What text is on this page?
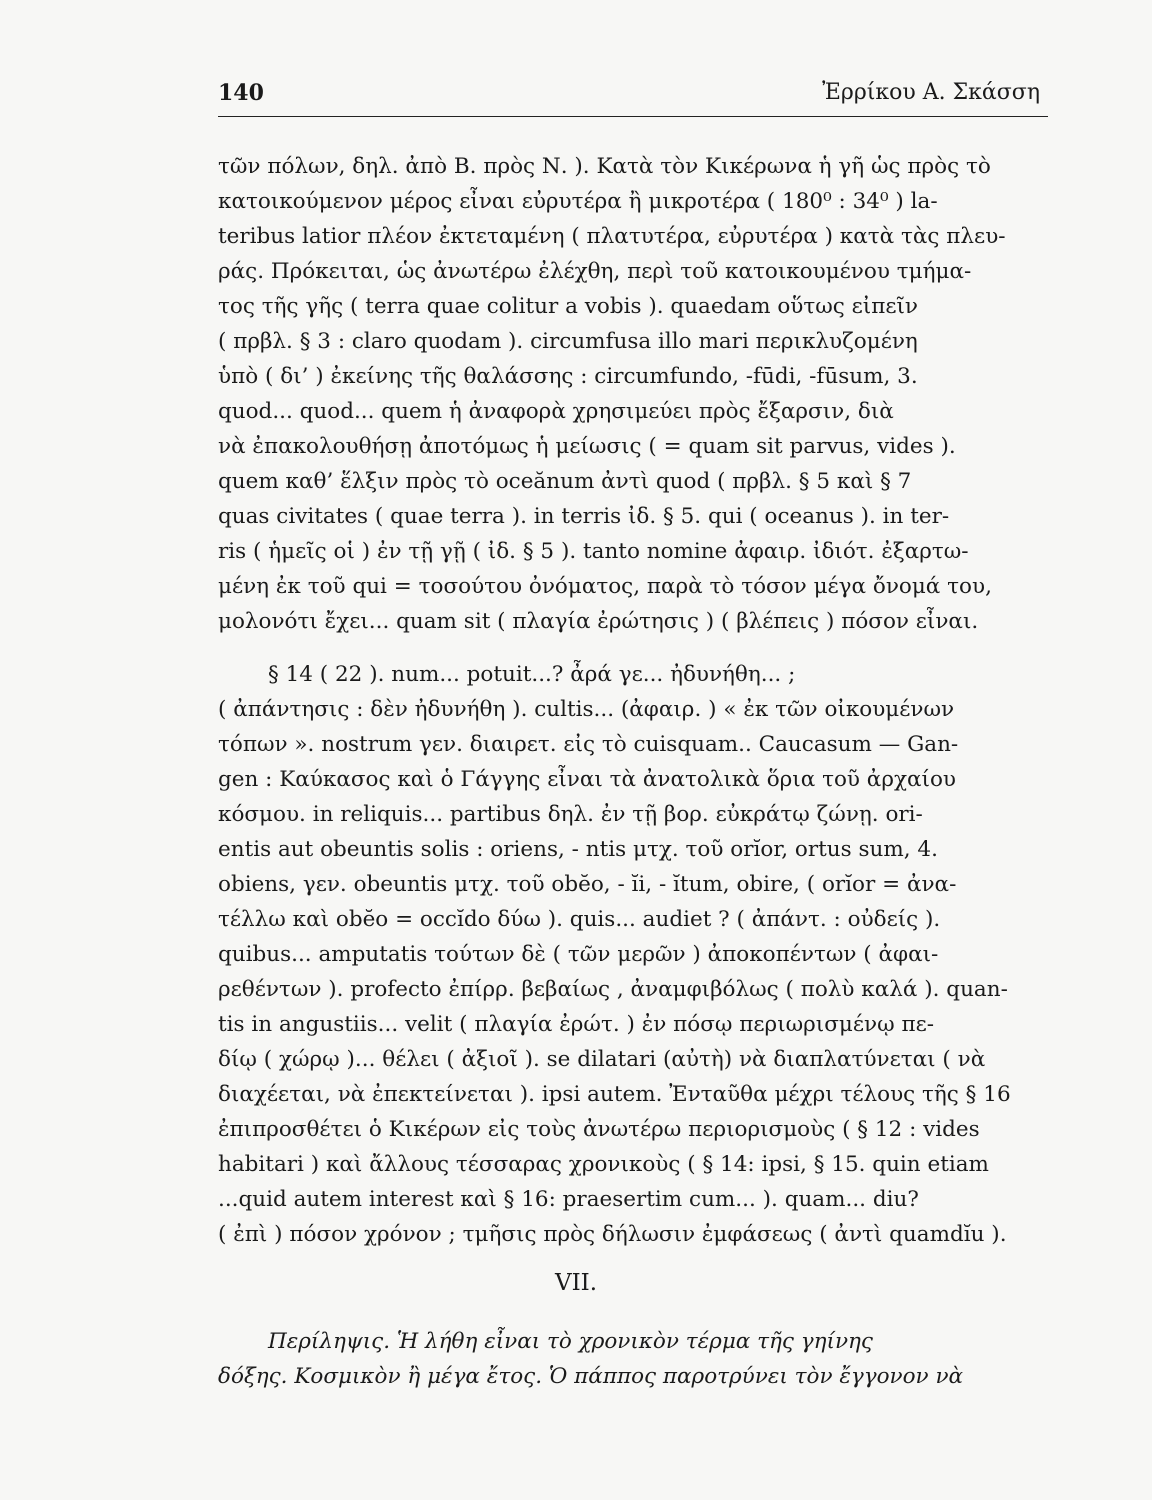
140	Ἐρρίκου Α. Σκάσση
τῶν πόλων, δηλ. ἀπὸ Β. πρὸς Ν. ). Κατὰ τὸν Κικέρωνα ἡ γῆ ὡς πρὸς τὸ
κατοικούμενον μέρος εἶναι εὐρυτέρα ἢ μικροτέρα ( 180⁰ : 34⁰ ) la-
teribus latior πλέον ἐκτεταμένη ( πλατυτέρα, εὐρυτέρα ) κατὰ τὰς πλευ-
ράς. Πρόκειται, ὡς ἀνωτέρω ἐλέχθη, περὶ τοῦ κατοικουμένου τμήμα-
τος τῆς γῆς ( terra quae colitur a vobis ). quaedam οὕτως εἰπεῖν
( πρβλ. § 3 : claro quodam ). circumfusa illo mari περικλυζομένη
ὑπὸ ( δι’ ) ἐκείνης τῆς θαλάσσης : circumfundo, -fūdi, -fūsum, 3.
quod... quod... quem ἡ ἀναφορὰ χρησιμεύει πρὸς ἔξαρσιν, διὰ
νὰ ἐπακολουθήσῃ ἀποτόμως ἡ μείωσις ( = quam sit parvus, vides ).
quem καθ’ ἕλξιν πρὸς τὸ oceănum ἀντὶ quod ( πρβλ. § 5 καὶ § 7
quas civitates ( quae terra ). in terris ἰδ. § 5. qui ( oceanus ). in ter-
ris ( ἡμεῖς οἱ ) ἐν τῇ γῇ ( ἰδ. § 5 ). tanto nomine ἀφαιρ. ἰδιότ. ἐξαρτω-
μένη ἐκ τοῦ qui = τοσούτου ὀνόματος, παρὰ τὸ τόσον μέγα ὄνομά του,
μολονότι ἔχει... quam sit ( πλαγία ἐρώτησις ) ( βλέπεις ) πόσον εἶναι.
§ 14 ( 22 ). num... potuit...? ἆρά γε... ἠδυνήθη... ;
( ἀπάντησις : δὲν ἠδυνήθη ). cultis... (ἀφαιρ. ) « ἐκ τῶν οἰκουμένων
τόπων ». nostrum γεν. διαιρετ. εἰς τὸ cuisquam.. Caucasum — Gan-
gen : Καύκασος καὶ ὁ Γάγγης εἶναι τὰ ἀνατολικὰ ὅρια τοῦ ἀρχαίου
κόσμου. in reliquis... partibus δηλ. ἐν τῇ βορ. εὐκράτῳ ζώνῃ. ori-
entis aut obeuntis solis : oriens, - ntis μτχ. τοῦ orĭor, ortus sum, 4.
obiens, γεν. obeuntis μτχ. τοῦ obĕo, - ĭi, - ĭtum, obire, ( orĭor = ἀνα-
τέλλω καὶ obĕo = occĭdo δύω ). quis... audiet ? ( ἀπάντ. : οὐδείς ).
quibus... amputatis τούτων δὲ ( τῶν μερῶν ) ἀποκοπέντων ( ἀφαι-
ρεθέντων ). profecto ἐπίρρ. βεβαίως , ἀναμφιβόλως ( πολὺ καλά ). quan-
tis in angustiis... velit ( πλαγία ἐρώτ. ) ἐν πόσῳ περιωρισμένῳ πε-
δίῳ ( χώρῳ )... θέλει ( ἀξιοῖ ). se dilatari (αὐτὴ) νὰ διαπλατύνεται ( νὰ
διαχέεται, νὰ ἐπεκτείνεται ). ipsi autem. Ἐνταῦθα μέχρι τέλους τῆς § 16
ἐπιπροσθέτει ὁ Κικέρων εἰς τοὺς ἀνωτέρω περιορισμοὺς ( § 12 : vides
habitari ) καὶ ἄλλους τέσσαρας χρονικοὺς ( § 14: ipsi, § 15. quin etiam
...quid autem interest καὶ § 16: praesertim cum... ). quam... diu?
( ἐπὶ ) πόσον χρόνον ; τμῆσις πρὸς δήλωσιν ἐμφάσεως ( ἀντὶ quamdĭu ).
VII.
Περίληψις. Ἡ λήθη εἶναι τὸ χρονικὸν τέρμα τῆς γηίνης
δόξης. Κοσμικὸν ἢ μέγα ἔτος. Ὁ πάππος παροτρύνει τὸν ἔγγονον νὰ
